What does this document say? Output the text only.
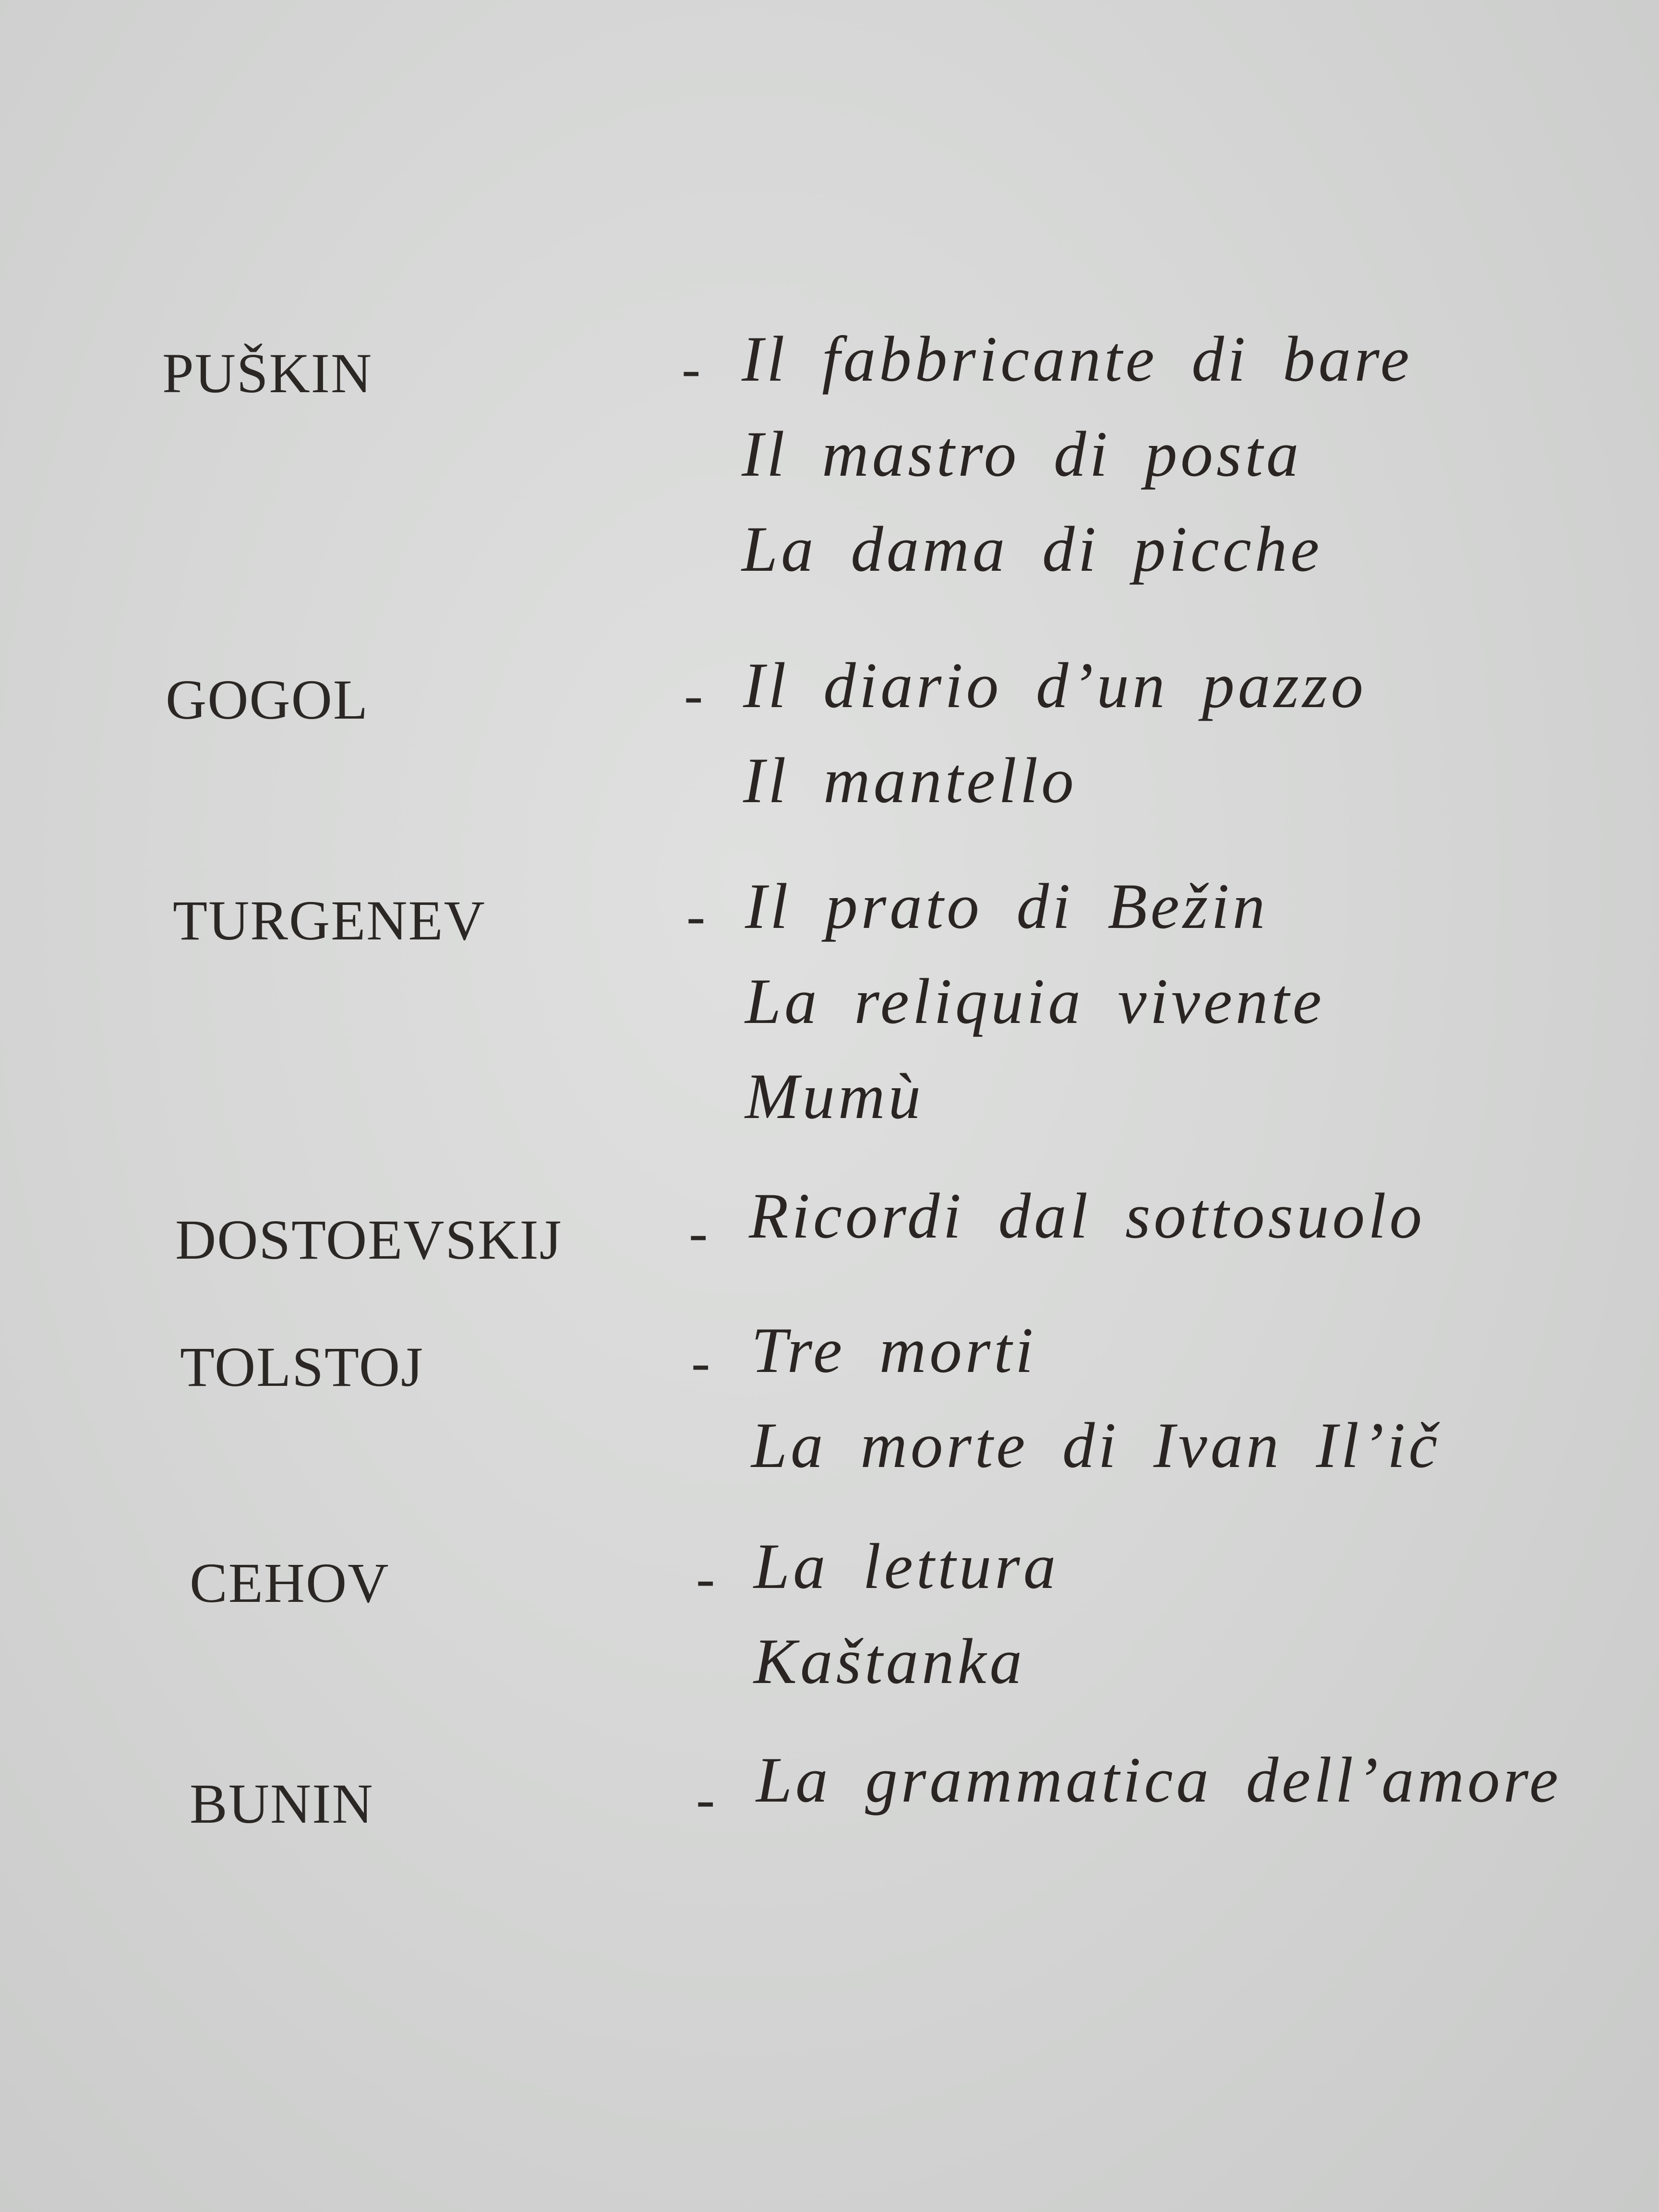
PUŠKIN	- Il fabbricante di bare
Il mastro di posta
La dama di picche
GOGOL	- Il diario d’un pazzo
Il mantello
TURGENEV	- Il prato di Bežin
La reliquia vivente
Mumù
DOSTOEVSKIJ - Ricordi dal sottosuolo
TOLSTOJ	- Tre morti
La morte di Ivan Il’ič
CEHOV	- La lettura
Kaštanka
BUNIN	- La grammatica dell’amore
